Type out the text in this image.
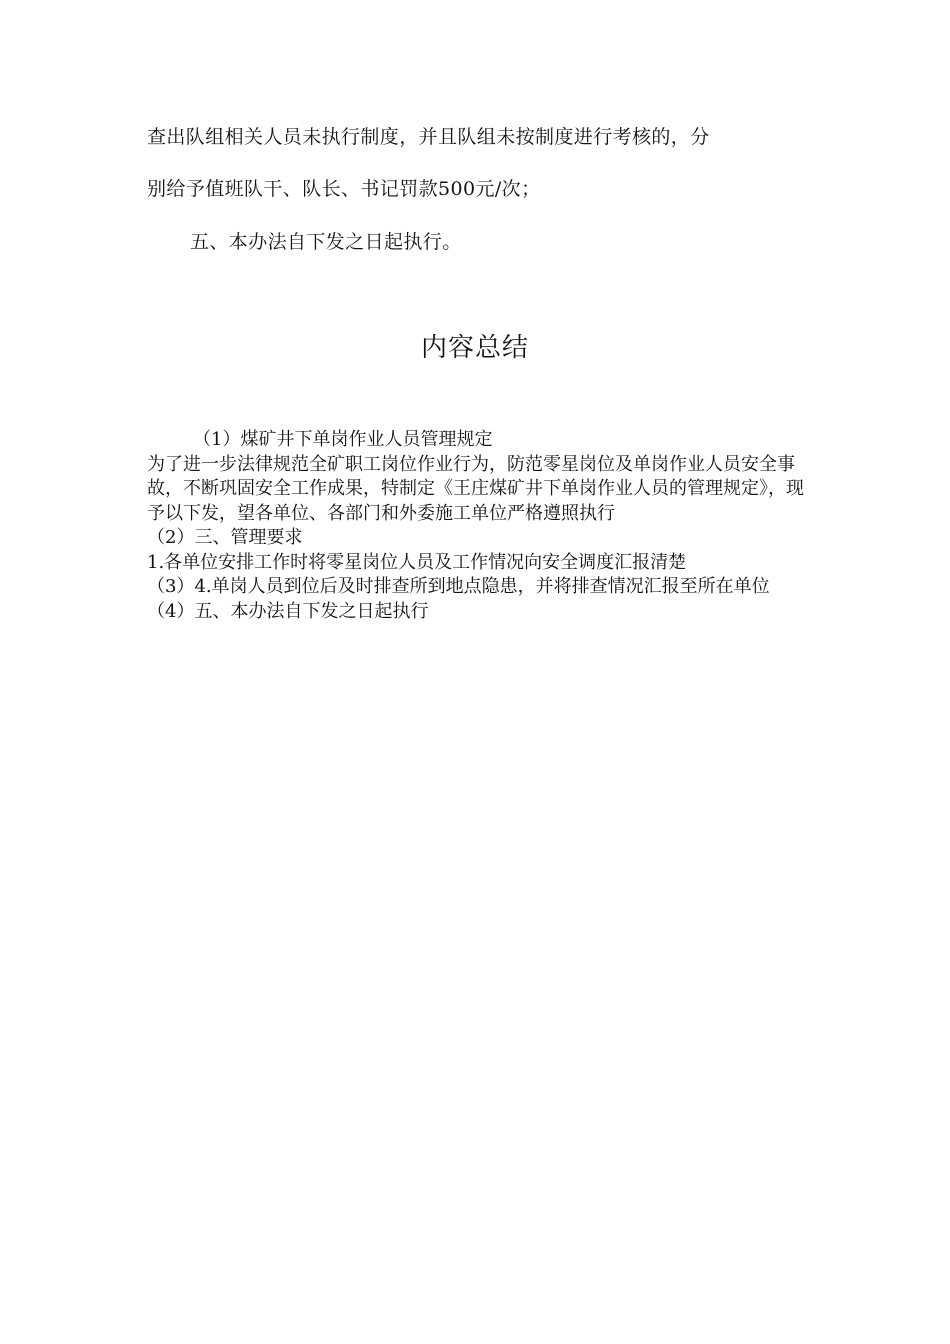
查出队组相关人员未执行制度，并且队组未按制度进行考核的，分
别给予值班队干、队长、书记罚款500元/次；
五、本办法自下发之日起执行。
内容总结

（1）煤矿井下单岗作业人员管理规定

为了进一步法律规范全矿职工岗位作业行为，防范零星岗位及单岗作业人员安全事故，不断巩固安全工作成果，特制定《王庄煤矿井下单岗作业人员的管理规定》，现予以下发，望各单位、各部门和外委施工单位严格遵照执行

（2）三、管理要求

1.各单位安排工作时将零星岗位人员及工作情况向安全调度汇报清楚

（3）4.单岗人员到位后及时排查所到地点隐患，并将排查情况汇报至所在单位

（4）五、本办法自下发之日起执行
